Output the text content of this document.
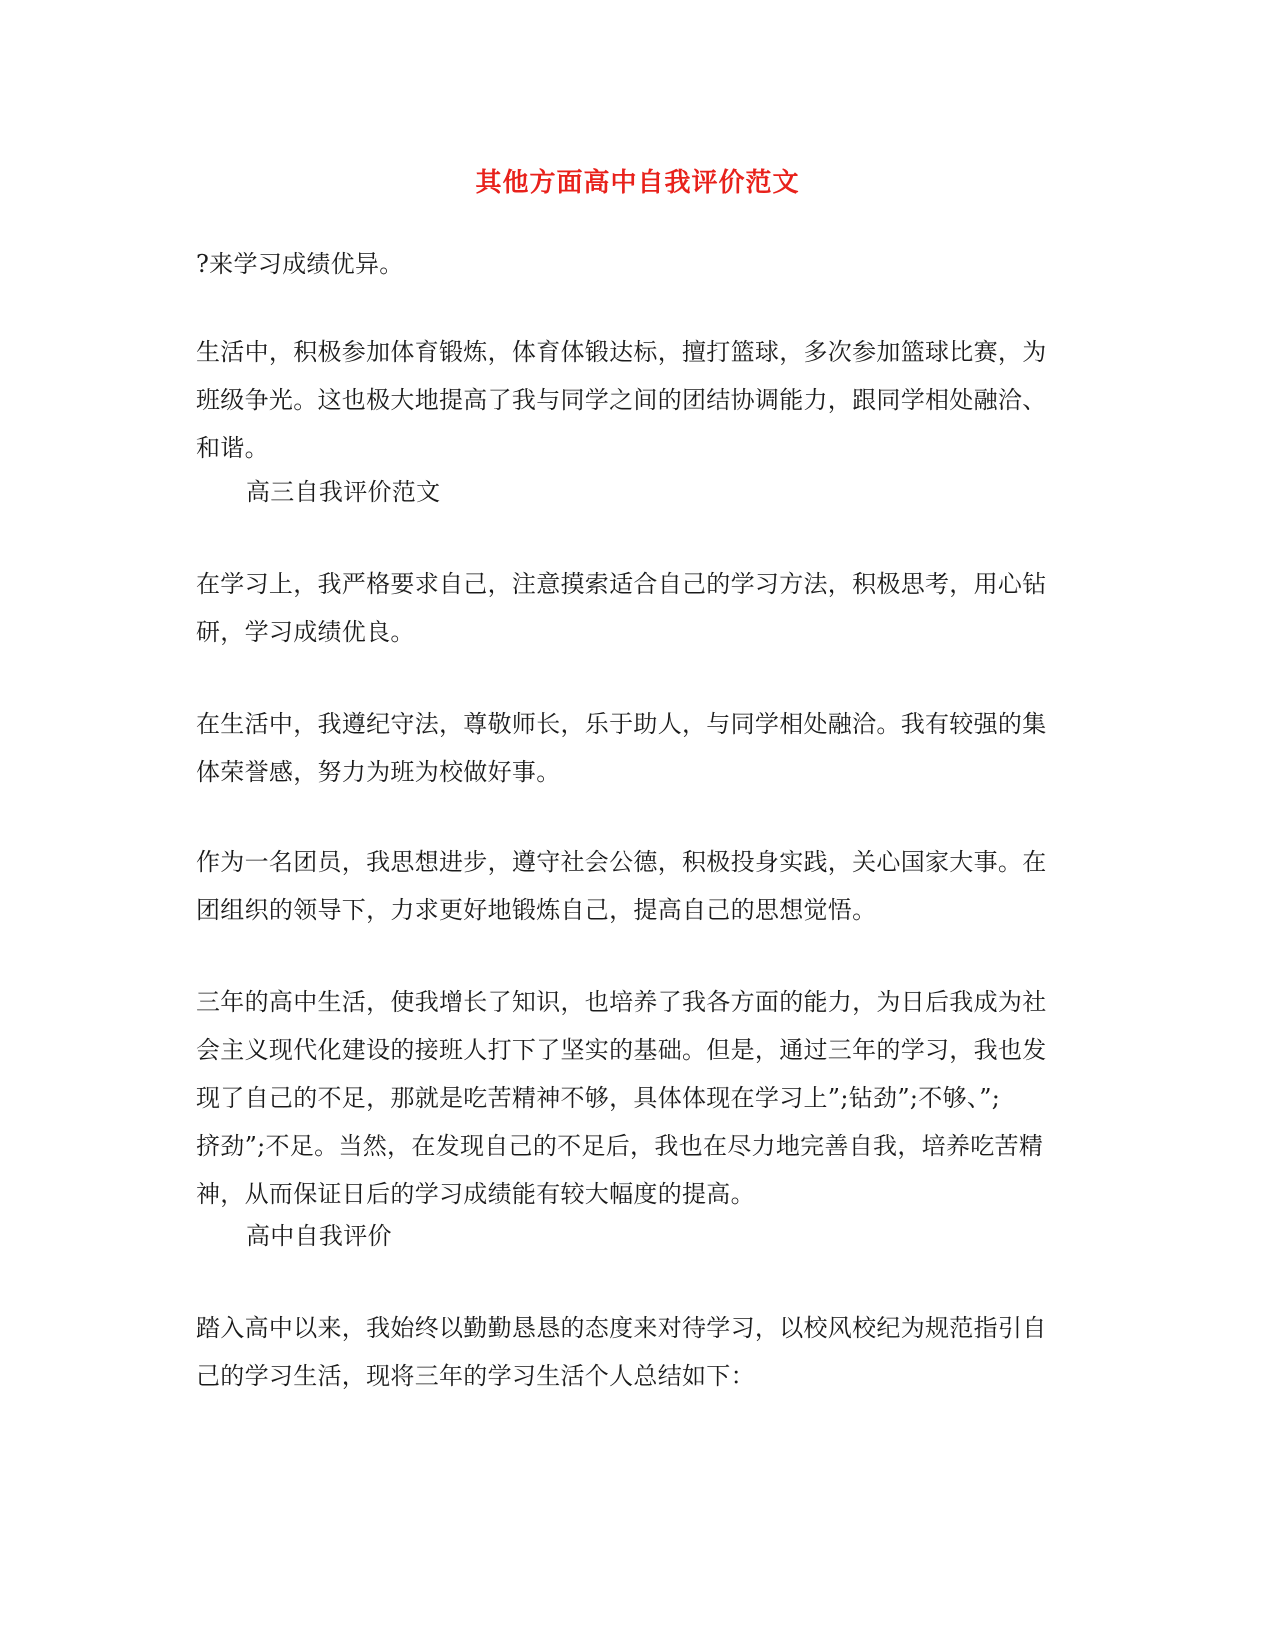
其他方面高中自我评价范文
?来学习成绩优异。
生活中，积极参加体育锻炼，体育体锻达标，擅打篮球，多次参加篮球比赛，为
班级争光。这也极大地提高了我与同学之间的团结协调能力，跟同学相处融洽、
和谐。
高三自我评价范文
在学习上，我严格要求自己，注意摸索适合自己的学习方法，积极思考，用心钻
研，学习成绩优良。
在生活中，我遵纪守法，尊敬师长，乐于助人，与同学相处融洽。我有较强的集
体荣誉感，努力为班为校做好事。
作为一名团员，我思想进步，遵守社会公德，积极投身实践，关心国家大事。在
团组织的领导下，力求更好地锻炼自己，提高自己的思想觉悟。
三年的高中生活，使我增长了知识，也培养了我各方面的能力，为日后我成为社
会主义现代化建设的接班人打下了坚实的基础。但是，通过三年的学习，我也发
现了自己的不足，那就是吃苦精神不够，具体体现在学习上”;钻劲”;不够、”;
挤劲”;不足。当然，在发现自己的不足后，我也在尽力地完善自我，培养吃苦精
神，从而保证日后的学习成绩能有较大幅度的提高。
高中自我评价
踏入高中以来，我始终以勤勤恳恳的态度来对待学习，以校风校纪为规范指引自
己的学习生活，现将三年的学习生活个人总结如下：
